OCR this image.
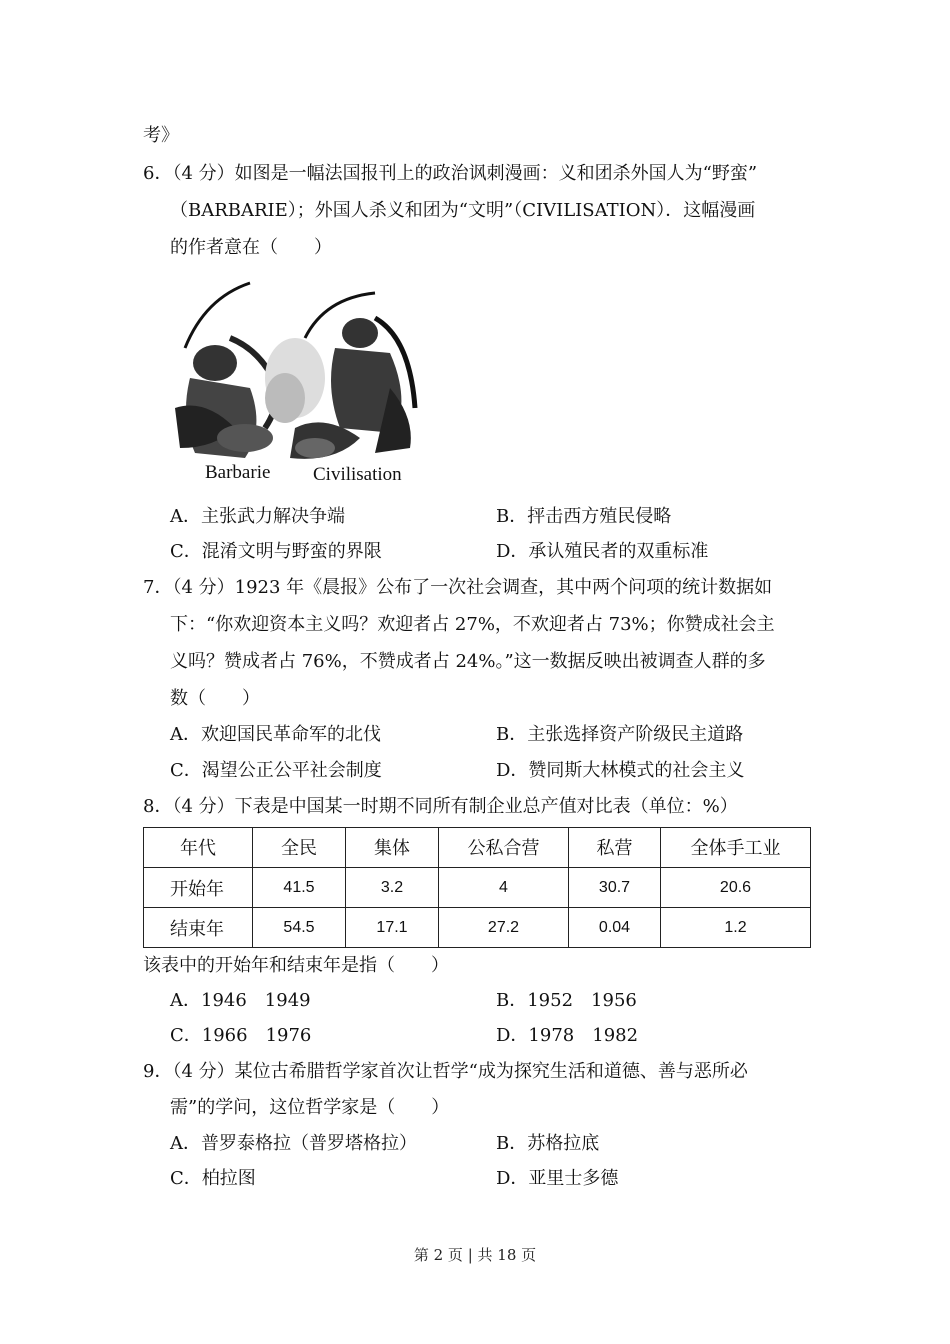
考》
6．（4 分）如图是一幅法国报刊上的政治讽刺漫画：义和团杀外国人为“野蛮”
（BARBARIE）；外国人杀义和团为“文明”（CIVILISATION）．这幅漫画
的作者意在（　　）
Barbarie Civilisation
A．主张武力解决争端	B．抨击西方殖民侵略
C．混淆文明与野蛮的界限	D．承认殖民者的双重标准
7．（4 分）1923 年《晨报》公布了一次社会调查，其中两个问项的统计数据如
下：“你欢迎资本主义吗？欢迎者占 27%，不欢迎者占 73%；你赞成社会主
义吗？赞成者占 76%，不赞成者占 24%。”这一数据反映出被调查人群的多
数（　　）
A．欢迎国民革命军的北伐	B．主张选择资产阶级民主道路
C．渴望公正公平社会制度	D．赞同斯大林模式的社会主义
8．（4 分）下表是中国某一时期不同所有制企业总产值对比表（单位：%）
年代	全民	集体	公私合营	私营	全体手工业
开始年	41.5	3.2	4	30.7	20.6
结束年	54.5	17.1	27.2	0.04	1.2
该表中的开始年和结束年是指（　　）
A．1946　1949	B．1952　1956
C．1966　1976	D．1978　1982
9．（4 分）某位古希腊哲学家首次让哲学“成为探究生活和道德、善与恶所必
需”的学问，这位哲学家是（　　）
A．普罗泰格拉（普罗塔格拉）	B．苏格拉底
C．柏拉图	D．亚里士多德
第 2 页 | 共 18 页
